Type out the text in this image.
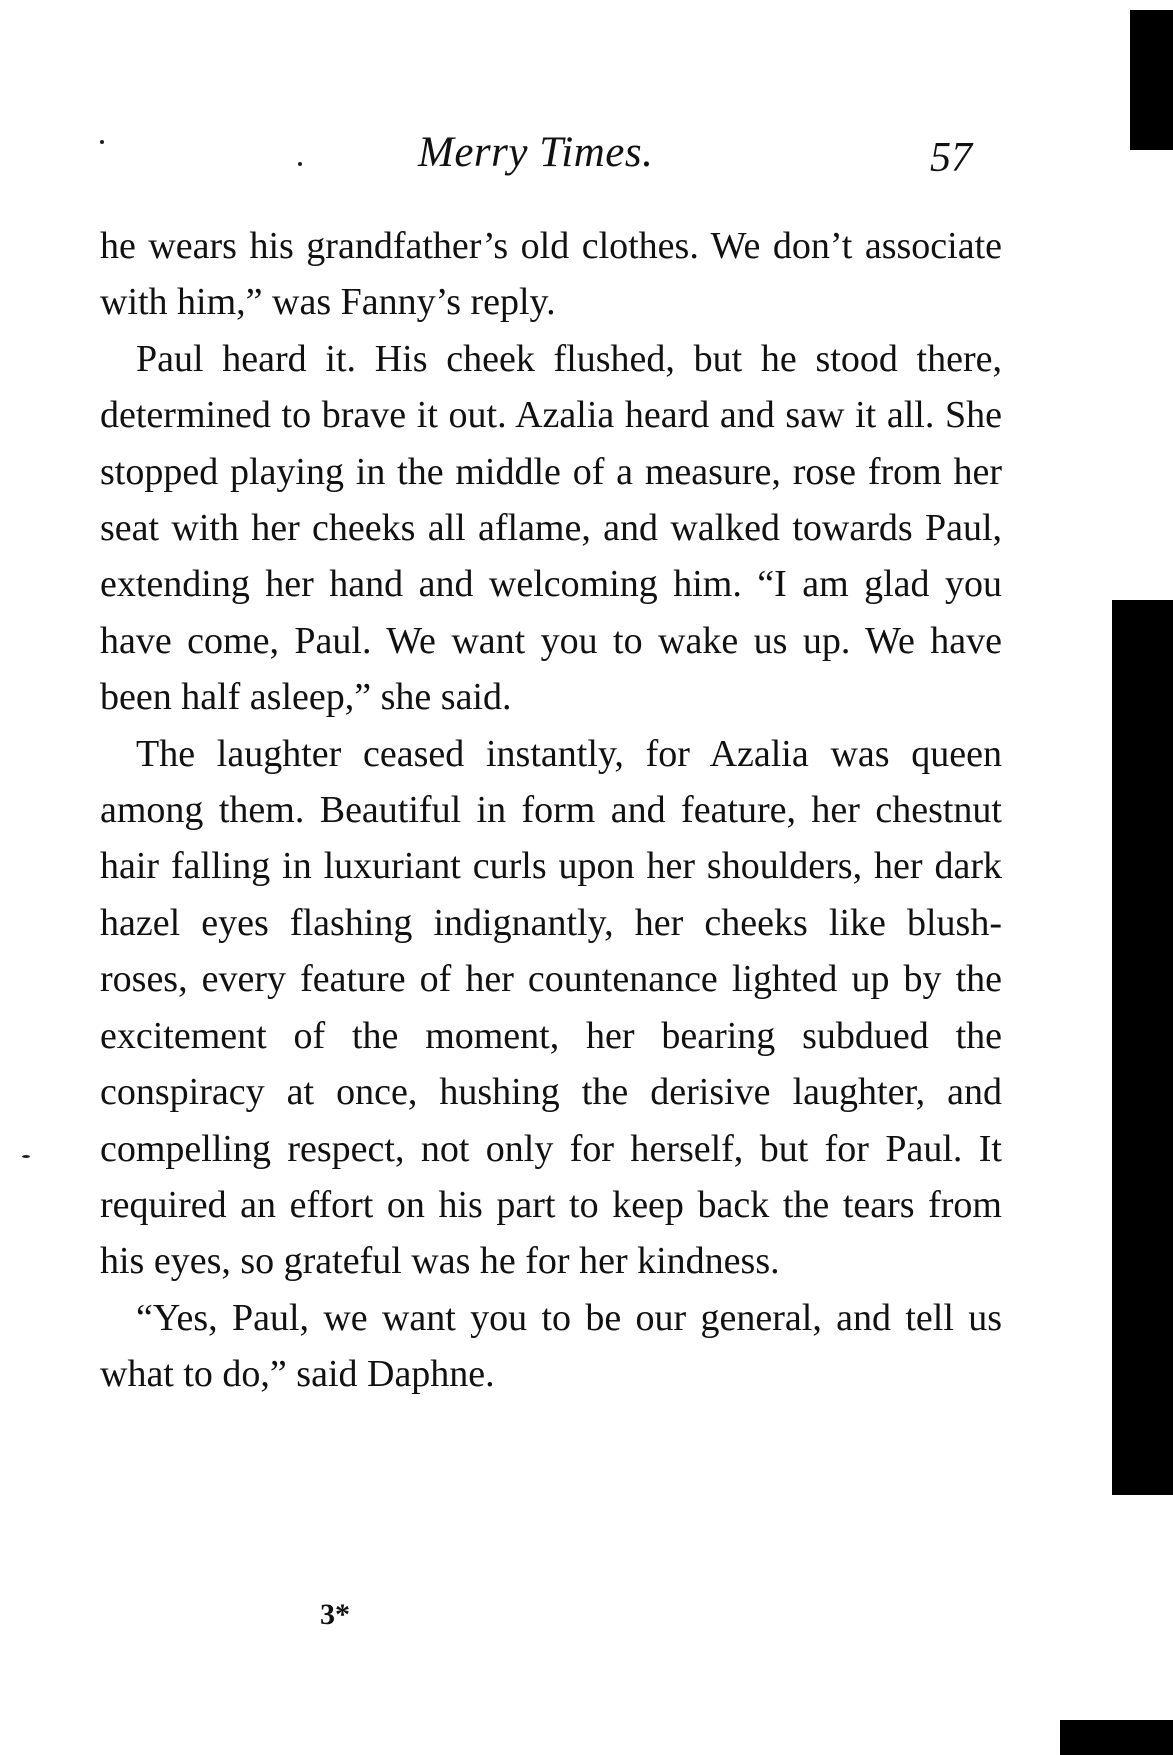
Merry Times.	57

he wears his grandfather’s old clothes. We don’t associate with him,” was Fanny’s reply.

Paul heard it. His cheek flushed, but he stood there, determined to brave it out. Azalia heard and saw it all. She stopped playing in the middle of a measure, rose from her seat with her cheeks all aflame, and walked towards Paul, extending her hand and welcoming him. “I am glad you have come, Paul. We want you to wake us up. We have been half asleep,” she said.

The laughter ceased instantly, for Azalia was queen among them. Beautiful in form and feature, her chestnut hair falling in luxuriant curls upon her shoulders, her dark hazel eyes flashing indignantly, her cheeks like blush-roses, every feature of her countenance lighted up by the excitement of the moment, her bearing subdued the conspiracy at once, hushing the derisive laughter, and compelling respect, not only for herself, but for Paul. It required an effort on his part to keep back the tears from his eyes, so grateful was he for her kindness.

“Yes, Paul, we want you to be our general, and tell us what to do,” said Daphne.

3*
